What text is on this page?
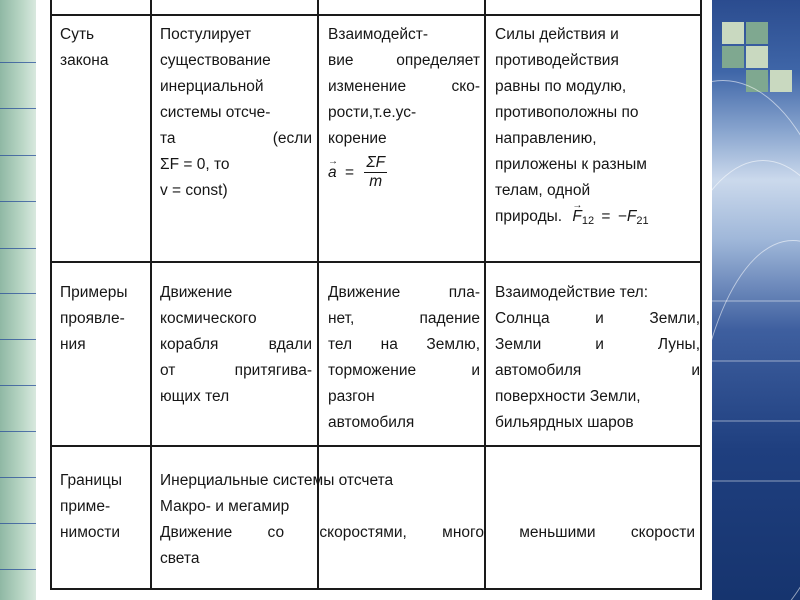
Суть
закона
Постулирует
существование
инерциальной
системы отсче-
та (если
ΣF = 0, то
v = const)
Взаимодейст-
вие определяет
изменение ско-
рости,т.е.ус-
корение
→ $a = \frac{\Sigma F}{m}$
Силы действия и
противодействия
равны по модулю,
противоположны по
направлению,
приложены к разным
телам, одной
природы. → $F_{12} = -F_{21}$
Примеры
проявле-
ния
Движение
космического
корабля вдали
от притягива-
ющих тел
Движение пла-
нет, падение
тел на Землю,
торможение и
разгон
автомобиля
Взаимодействие тел:
Солнца и Земли,
Земли и Луны,
автомобиля и
поверхности Земли,
бильярдных шаров
Границы
приме-
нимости
Инерциальные системы отсчета
Макро- и мегамир
Движение со скоростями, много меньшими скорости
света
